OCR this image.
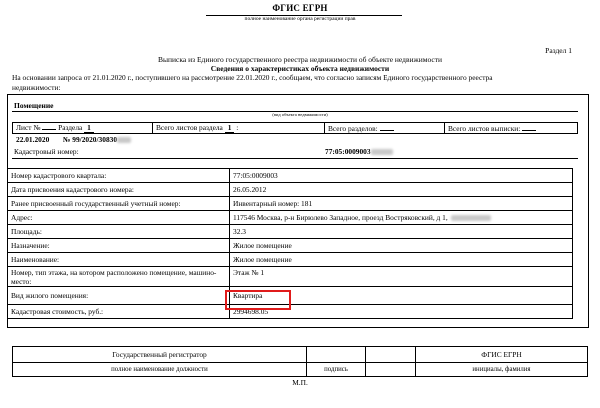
ФГИС ЕГРН
полное наименование органа регистрации прав
Раздел 1
Выписка из Единого государственного реестра недвижимости об объекте недвижимости
Сведения о характеристиках объекта недвижимости
На основании запроса от 21.01.2020 г., поступившего на рассмотрение 22.01.2020 г., сообщаем, что согласно записям Единого государственного реестра
недвижимости:
Помещение
(вид объекта недвижимости)
Лист № Раздела 1	Всего листов раздела 1 :	Всего разделов:	Всего листов выписки:
22.01.2020 № 99/2020/30830
Кадастровый номер:	77:05:0009003
Номер кадастрового квартала:	77:05:0009003
Дата присвоения кадастрового номера:	26.05.2012
Ранее присвоенный государственный учетный номер:	Инвентарный номер: 181
Адрес:	117546 Москва, р-н Бирюлево Западное, проезд Востряковский, д 1,
Площадь:	32.3
Назначение:	Жилое помещение
Наименование:	Жилое помещение
Номер, тип этажа, на котором расположено помещение, машино-место:	Этаж № 1
Вид жилого помещения:	Квартира
Кадастровая стоимость, руб.:	2994698.05
Государственный регистратор			ФГИС ЕГРН
полное наименование должности	подпись		инициалы, фамилия
М.П.
